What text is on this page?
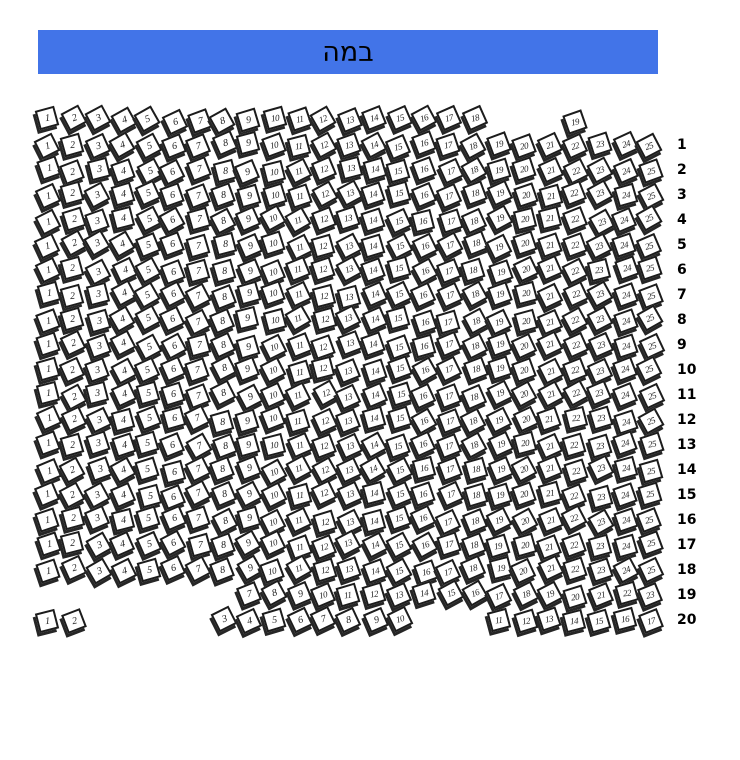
במה
1 2 3 4 5 6 7 8 9 10 11 12 13 14 15 16 17 18	19
1 2 3 4 5 6 7 8 9 10 11 12 13 14 15 16 17 18 19 20 21 22 23 24 25 1
1 2 3 4 5 6 7 8 9 10 11 12 13 14 15 16 17 18 19 20 21 22 23 24 25 2
1 2 3 4 5 6 7 8 9 10 11 12 13 14 15 16 17 18 19 20 21 22 23 24 25 3
1 2 3 4 5 6 7 8 9 10 11 12 13 14 15 16 17 18 19 20 21 22 23 24 25 4
1 2 3 4 5 6 7 8 9 10 11 12 13 14 15 16 17 18 19 20 21 22 23 24 25 5
1 2 3 4 5 6 7 8 9 10 11 12 13 14 15 16 17 18 19 20 21 22 23 24 25 6
1 2 3 4 5 6 7 8 9 10 11 12 13 14 15 16 17 18 19 20 21 22 23 24 25 7
1 2 3 4 5 6 7 8 9 10 11 12 13 14 15 16 17 18 19 20 21 22 23 24 25 8
1 2 3 4 5 6 7 8 9 10 11 12 13 14 15 16 17 18 19 20 21 22 23 24 25 9
1 2 3 4 5 6 7 8 9 10 11 12 13 14 15 16 17 18 19 20 21 22 23 24 25 10
1 2 3 4 5 6 7 8 9 10 11 12 13 14 15 16 17 18 19 20 21 22 23 24 25 11
1 2 3 4 5 6 7 8 9 10 11 12 13 14 15 16 17 18 19 20 21 22 23 24 25 12
1 2 3 4 5 6 7 8 9 10 11 12 13 14 15 16 17 18 19 20 21 22 23 24 25 13
1 2 3 4 5 6 7 8 9 10 11 12 13 14 15 16 17 18 19 20 21 22 23 24 25 14
1 2 3 4 5 6 7 8 9 10 11 12 13 14 15 16 17 18 19 20 21 22 23 24 25 15
1 2 3 4 5 6 7 8 9 10 11 12 13 14 15 16 17 18 19 20 21 22 23 24 25 16
1 2 3 4 5 6 7 8 9 10 11 12 13 14 15 16 17 18 19 20 21 22 23 24 25 17
1 2 3 4 5 6 7 8 9 10 11 12 13 14 15 16 17 18 19 20 21 22 23 24 25 18
7 8 9 10 11 12 13 14 15 16 17 18 19 20 21 22 23 19
1 2	3 4 5 6 7 8 9 10	11 12 13 14 15 16 17 20
